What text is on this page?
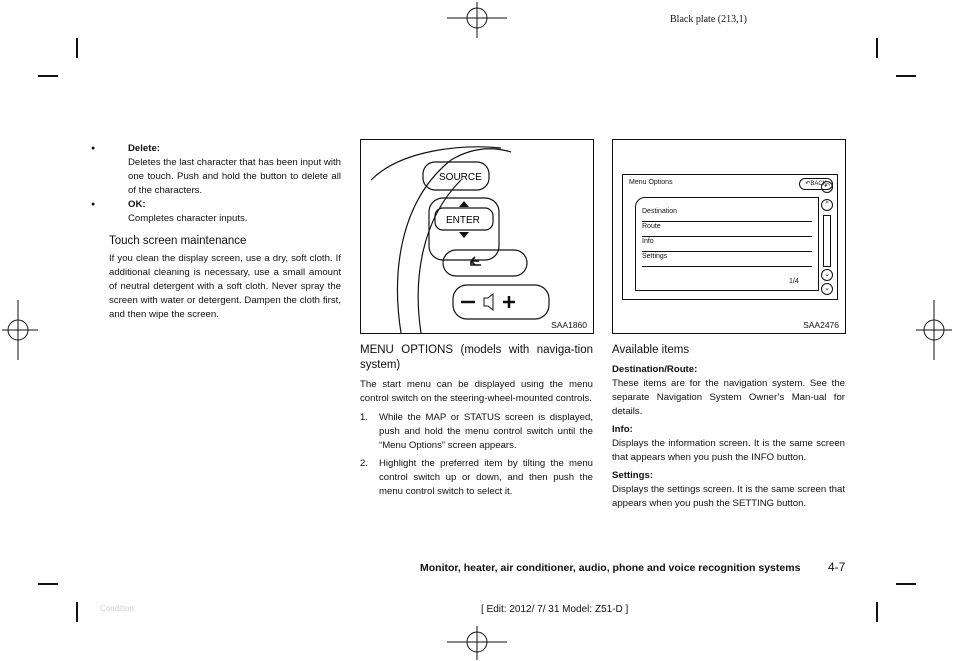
Black plate (213,1)

● Delete:

Deletes the last character that has been input with one touch. Push and hold the button to delete all of the characters.

● OK:

Completes character inputs.

Touch screen maintenance

If you clean the display screen, use a dry, soft cloth. If additional cleaning is necessary, use a small amount of neutral detergent with a soft cloth. Never spray the screen with water or detergent. Dampen the cloth first, and then wipe the screen.

SOURCE
ENTER
SAA1860

MENU OPTIONS (models with naviga-tion system)

The start menu can be displayed using the menu control switch on the steering-wheel-mounted controls.

1. While the MAP or STATUS screen is displayed, push and hold the menu control switch until the “Menu Options” screen appears.

2. Highlight the preferred item by tilting the menu control switch up or down, and then push the menu control switch to select it.

Menu Options	↶BACK
Destination
Route
Info
Settings
1/4
↶
^
⌄
⌄
SAA2476

Available items

Destination/Route:

These items are for the navigation system. See the separate Navigation System Owner’s Man-ual for details.

Info:

Displays the information screen. It is the same screen that appears when you push the INFO button.

Settings:

Displays the settings screen. It is the same screen that appears when you push the SETTING button.

Monitor, heater, air conditioner, audio, phone and voice recognition systems 4-7
Condition:	[ Edit: 2012/ 7/ 31 Model: Z51-D ]
